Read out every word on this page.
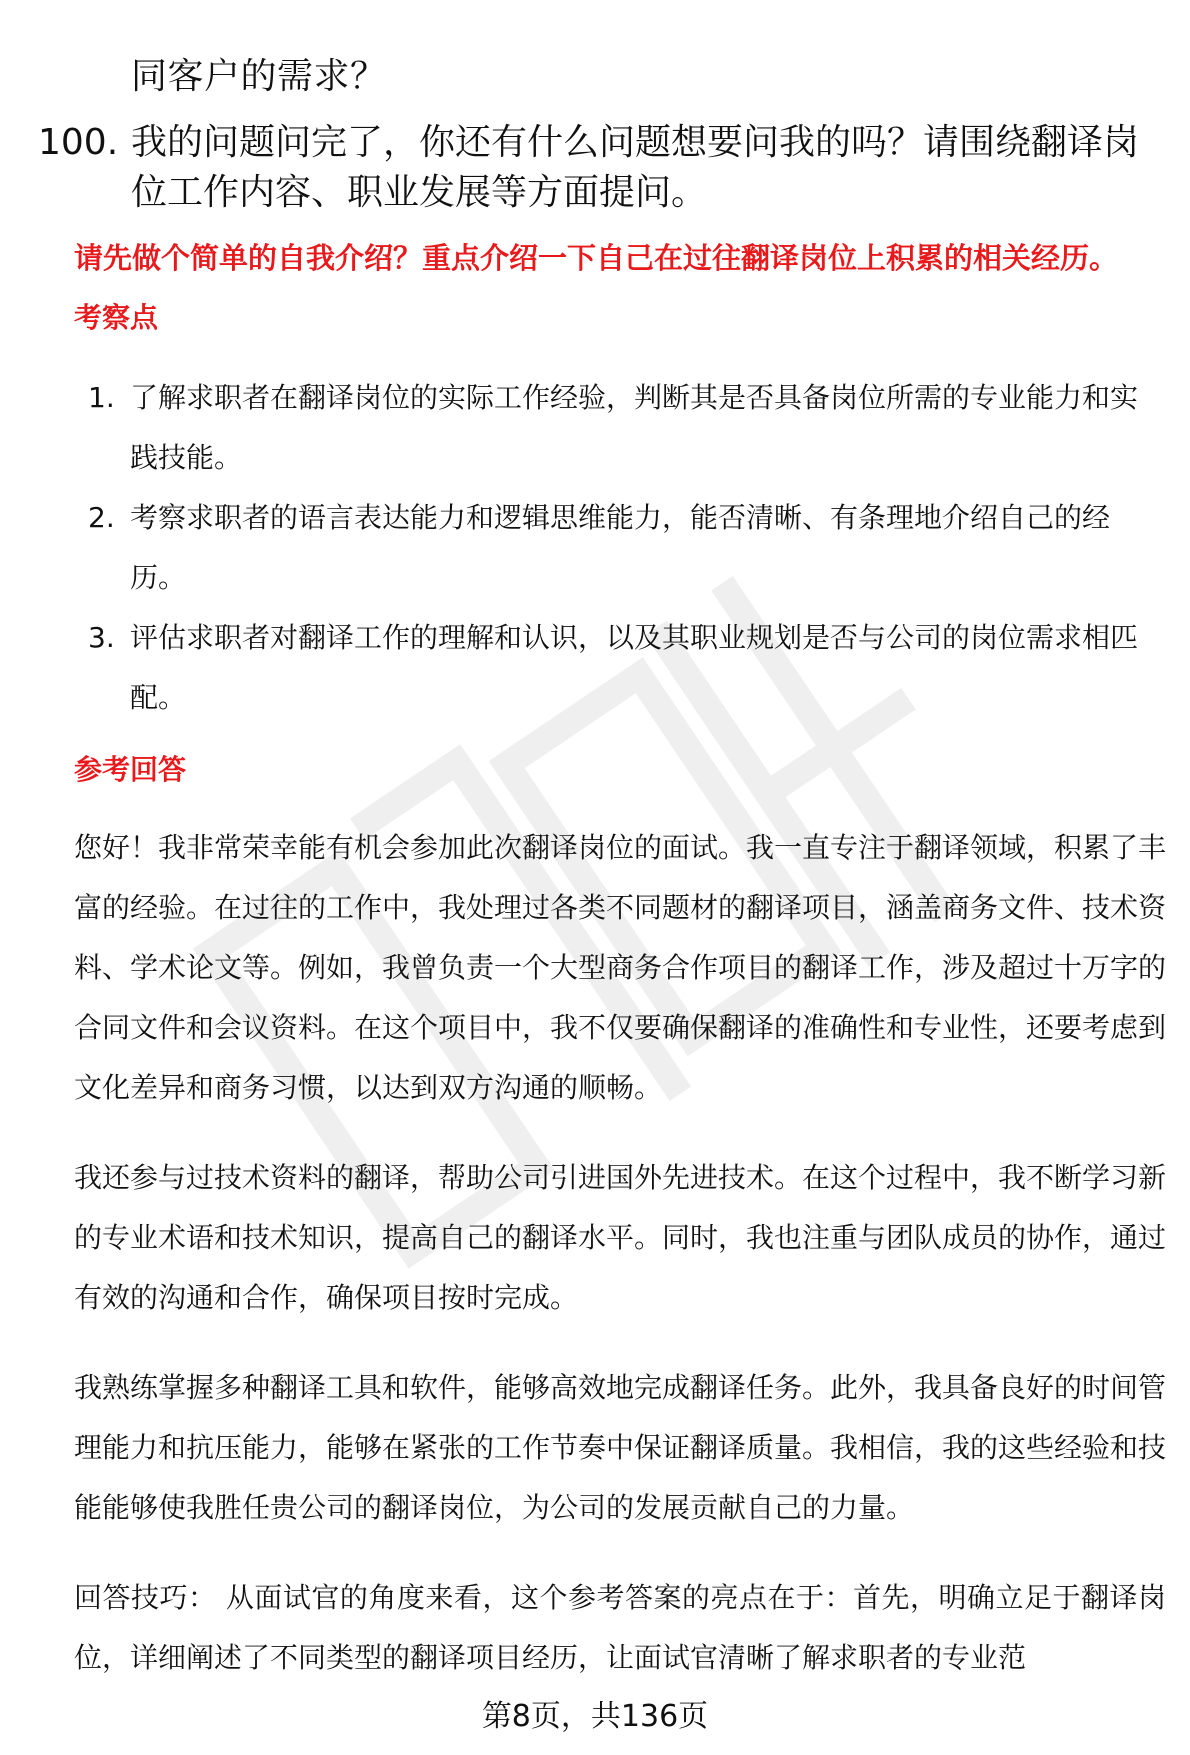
同客户的需求？
100. 我的问题问完了，你还有什么问题想要问我的吗？请围绕翻译岗位工作内容、职业发展等方面提问。
请先做个简单的自我介绍？重点介绍一下自己在过往翻译岗位上积累的相关经历。
考察点
1. 了解求职者在翻译岗位的实际工作经验，判断其是否具备岗位所需的专业能力和实践技能。
2. 考察求职者的语言表达能力和逻辑思维能力，能否清晰、有条理地介绍自己的经历。
3. 评估求职者对翻译工作的理解和认识，以及其职业规划是否与公司的岗位需求相匹配。
参考回答
您好！我非常荣幸能有机会参加此次翻译岗位的面试。我一直专注于翻译领域，积累了丰富的经验。在过往的工作中，我处理过各类不同题材的翻译项目，涵盖商务文件、技术资料、学术论文等。例如，我曾负责一个大型商务合作项目的翻译工作，涉及超过十万字的合同文件和会议资料。在这个项目中，我不仅要确保翻译的准确性和专业性，还要考虑到文化差异和商务习惯，以达到双方沟通的顺畅。
我还参与过技术资料的翻译，帮助公司引进国外先进技术。在这个过程中，我不断学习新的专业术语和技术知识，提高自己的翻译水平。同时，我也注重与团队成员的协作，通过有效的沟通和合作，确保项目按时完成。
我熟练掌握多种翻译工具和软件，能够高效地完成翻译任务。此外，我具备良好的时间管理能力和抗压能力，能够在紧张的工作节奏中保证翻译质量。我相信，我的这些经验和技能能够使我胜任贵公司的翻译岗位，为公司的发展贡献自己的力量。
回答技巧： 从面试官的角度来看，这个参考答案的亮点在于：首先，明确立足于翻译岗位，详细阐述了不同类型的翻译项目经历，让面试官清晰了解求职者的专业范
第8页，共136页
